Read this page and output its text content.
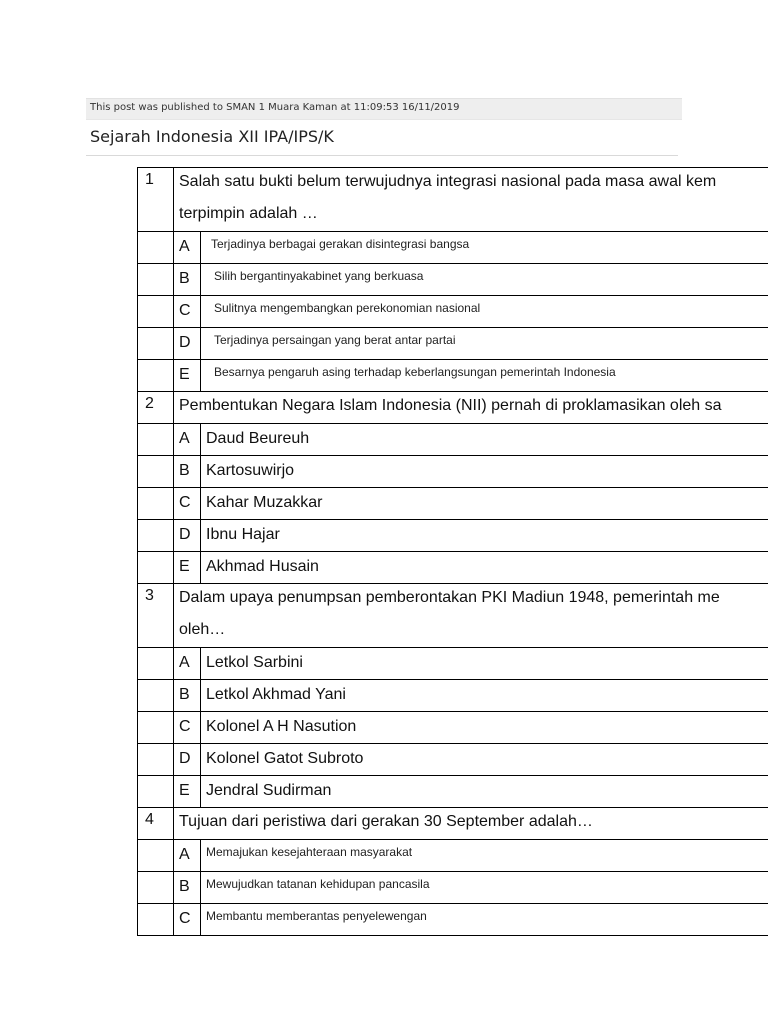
This post was published to SMAN 1 Muara Kaman at 11:09:53 16/11/2019
Sejarah Indonesia XII IPA/IPS/K
1 Salah satu bukti belum terwujudnya integrasi nasional pada masa awal kem
terpimpin adalah …
A Terjadinya berbagai gerakan disintegrasi bangsa
B Silih bergantinyakabinet yang berkuasa
C Sulitnya mengembangkan perekonomian nasional
D Terjadinya persaingan yang berat antar partai
E Besarnya pengaruh asing terhadap keberlangsungan pemerintah Indonesia
2 Pembentukan Negara Islam Indonesia (NII) pernah di proklamasikan oleh sa
A Daud Beureuh
B Kartosuwirjo
C Kahar Muzakkar
D Ibnu Hajar
E Akhmad Husain
3 Dalam upaya penumpsan pemberontakan PKI Madiun 1948, pemerintah me
oleh…
A Letkol Sarbini
B Letkol Akhmad Yani
C Kolonel A H Nasution
D Kolonel Gatot Subroto
E Jendral Sudirman
4 Tujuan dari peristiwa dari gerakan 30 September adalah…
A Memajukan kesejahteraan masyarakat
B Mewujudkan tatanan kehidupan pancasila
C Membantu memberantas penyelewengan
